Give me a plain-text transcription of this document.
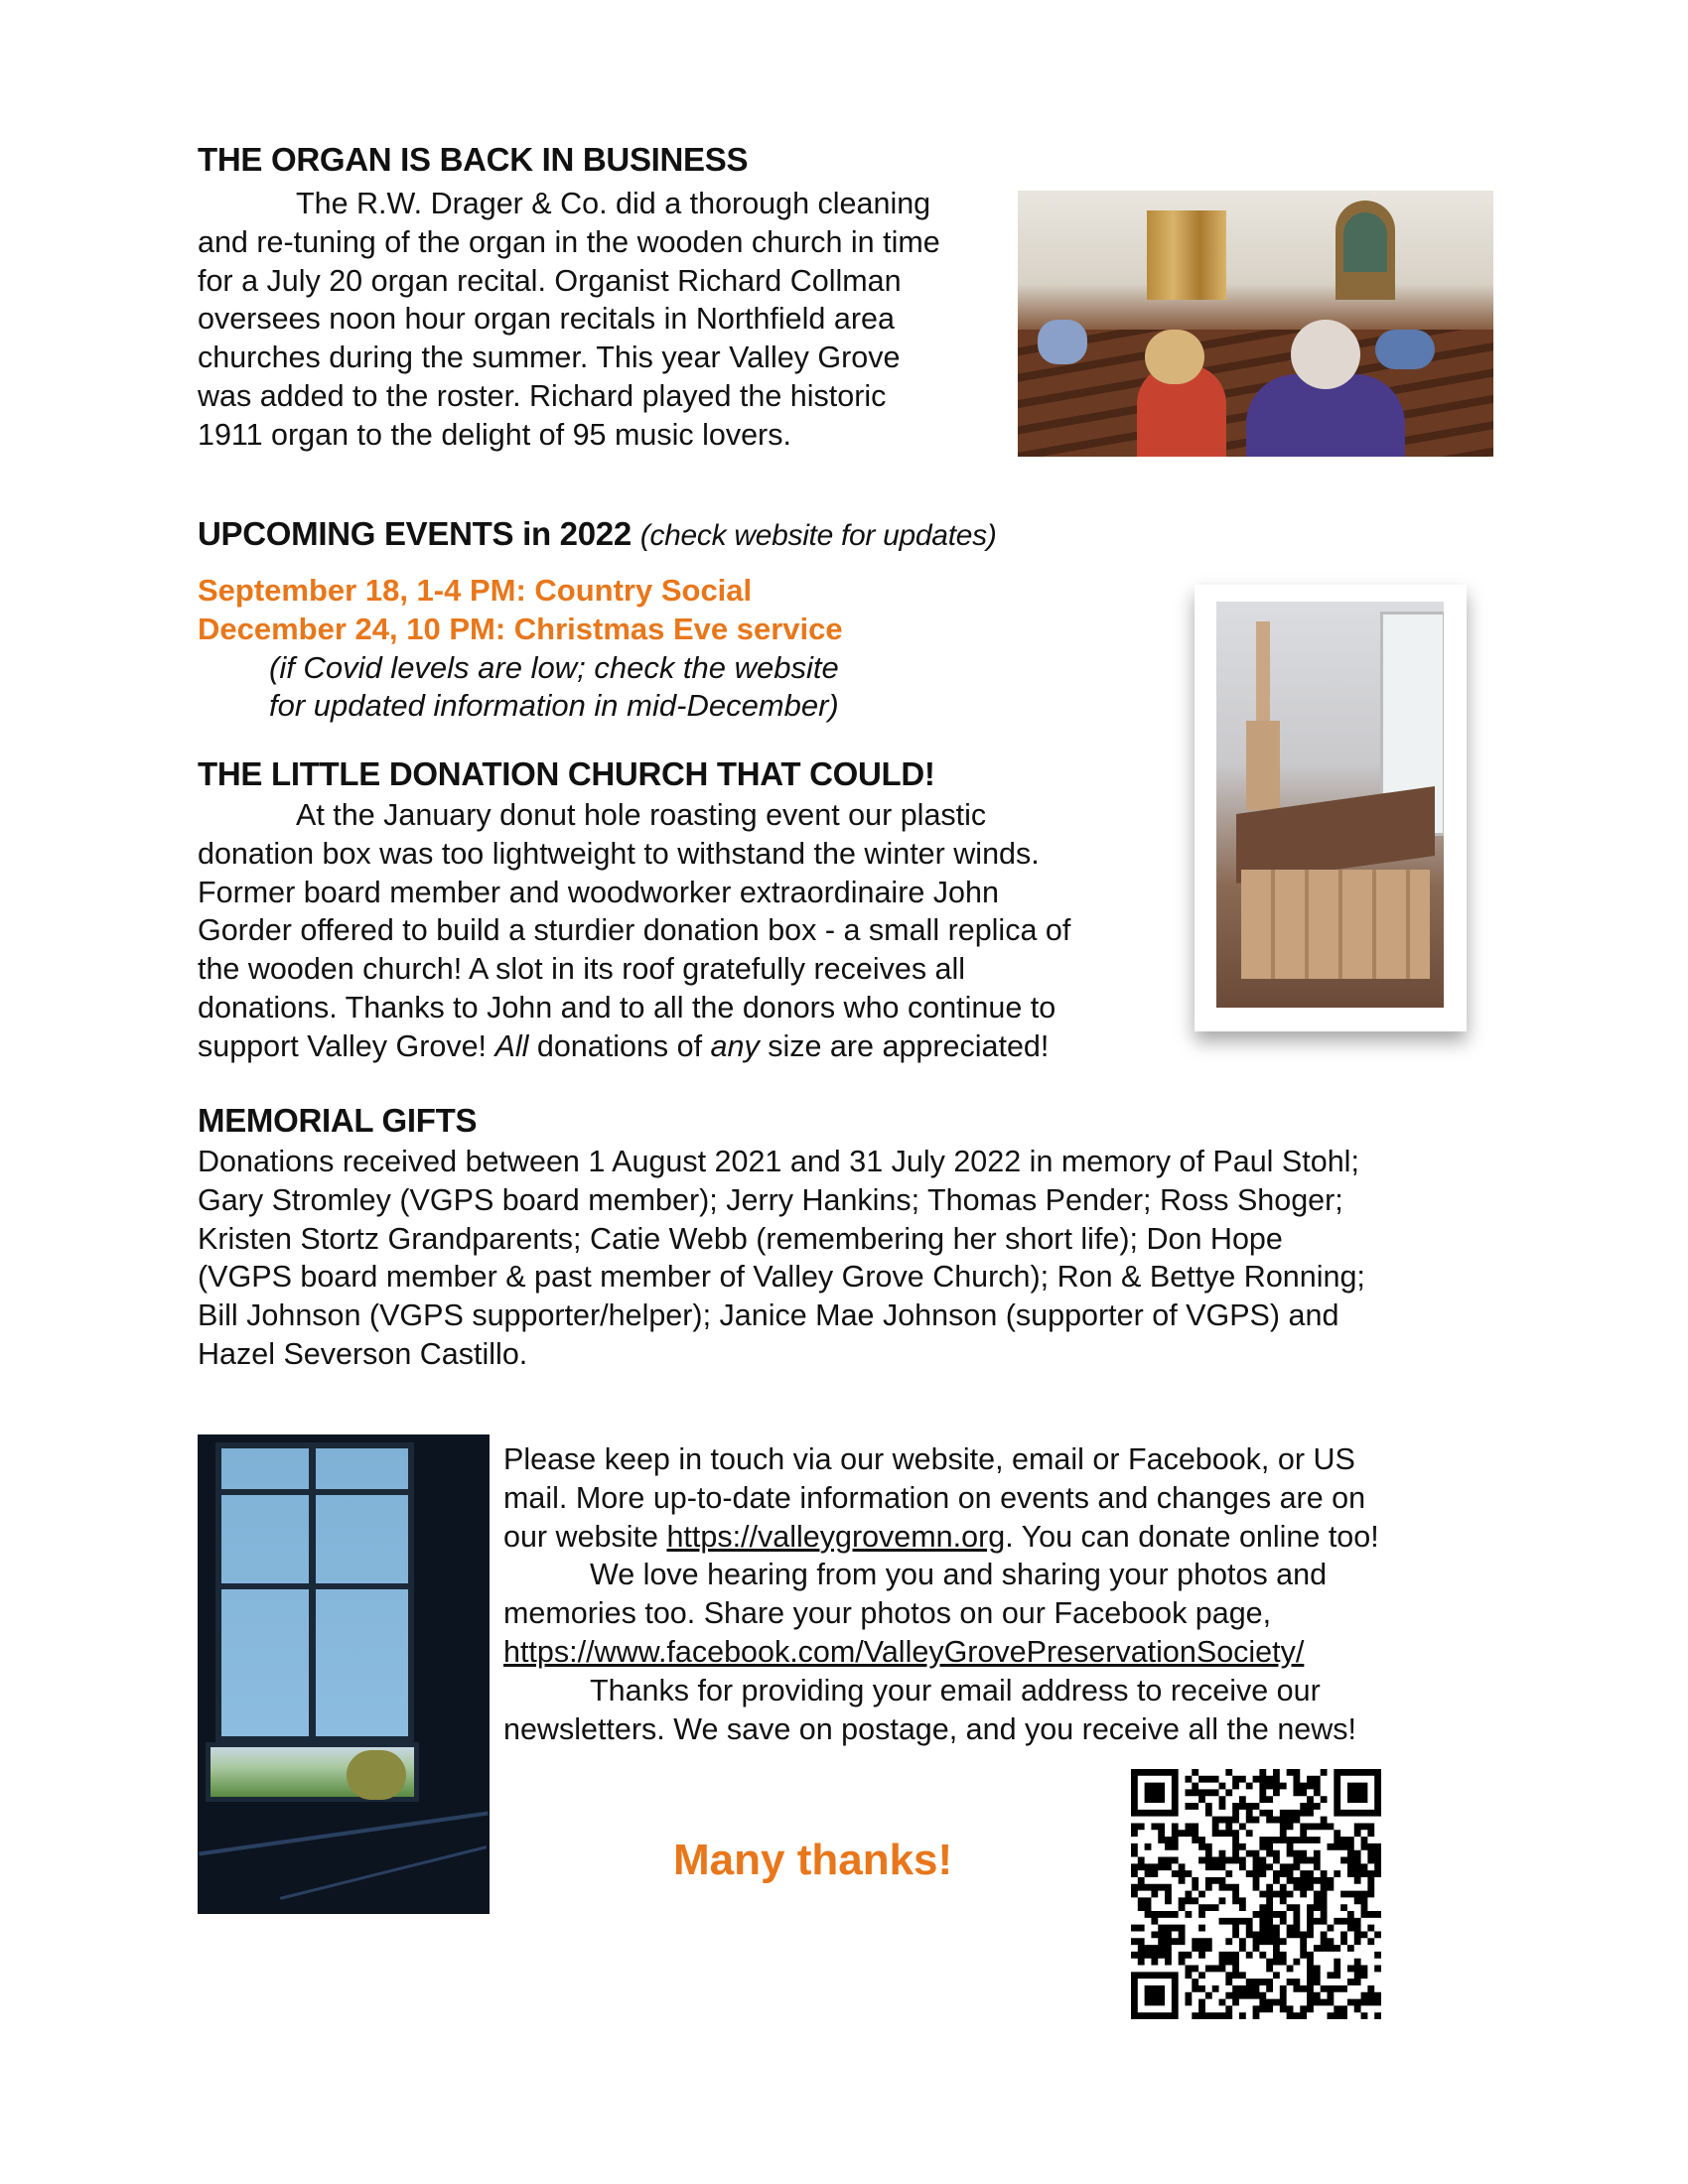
THE ORGAN IS BACK IN BUSINESS
The R.W. Drager & Co. did a thorough cleaning
and re-tuning of the organ in the wooden church in time
for a July 20 organ recital. Organist Richard Collman
oversees noon hour organ recitals in Northfield area
churches during the summer. This year Valley Grove
was added to the roster. Richard played the historic
1911 organ to the delight of 95 music lovers.
UPCOMING EVENTS in 2022 (check website for updates)
September 18, 1-4 PM: Country Social
December 24, 10 PM: Christmas Eve service
(if Covid levels are low; check the website
for updated information in mid-December)
THE LITTLE DONATION CHURCH THAT COULD!
At the January donut hole roasting event our plastic
donation box was too lightweight to withstand the winter winds.
Former board member and woodworker extraordinaire John
Gorder offered to build a sturdier donation box - a small replica of
the wooden church! A slot in its roof gratefully receives all
donations. Thanks to John and to all the donors who continue to
support Valley Grove! All donations of any size are appreciated!
MEMORIAL GIFTS
Donations received between 1 August 2021 and 31 July 2022 in memory of Paul Stohl;
Gary Stromley (VGPS board member); Jerry Hankins; Thomas Pender; Ross Shoger;
Kristen Stortz Grandparents; Catie Webb (remembering her short life); Don Hope
(VGPS board member & past member of Valley Grove Church); Ron & Bettye Ronning;
Bill Johnson (VGPS supporter/helper); Janice Mae Johnson (supporter of VGPS) and
Hazel Severson Castillo.
Please keep in touch via our website, email or Facebook, or US
mail. More up-to-date information on events and changes are on
our website https://valleygrovemn.org. You can donate online too!
We love hearing from you and sharing your photos and
memories too. Share your photos on our Facebook page,
https://www.facebook.com/ValleyGrovePreservationSociety/
Thanks for providing your email address to receive our
newsletters. We save on postage, and you receive all the news!
Many thanks!
